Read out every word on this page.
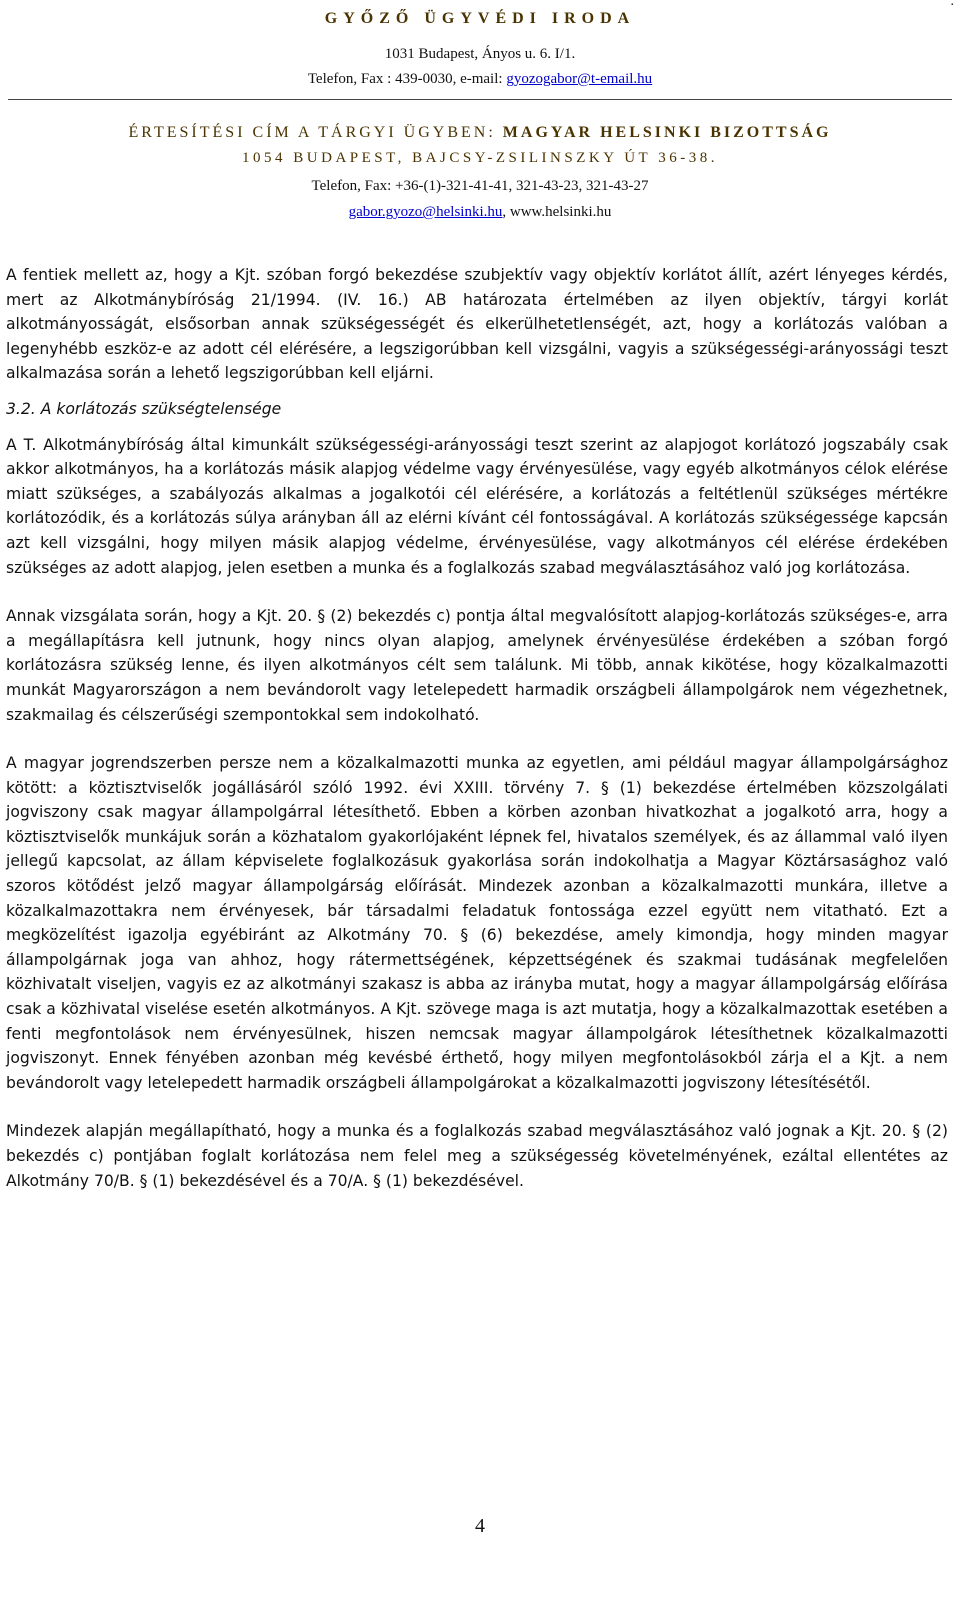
.
GYŐZŐ ÜGYVÉDI IRODA
1031 Budapest, Ányos u. 6. I/1.
Telefon, Fax : 439-0030, e-mail: gyozogabor@t-email.hu
ÉRTESÍTÉSI CÍM A TÁRGYI ÜGYBEN: MAGYAR HELSINKI BIZOTTSÁG
1054 BUDAPEST, BAJCSY-ZSILINSZKY ÚT 36-38.
Telefon, Fax: +36-(1)-321-41-41, 321-43-23, 321-43-27
gabor.gyozo@helsinki.hu, www.helsinki.hu

A fentiek mellett az, hogy a Kjt. szóban forgó bekezdése szubjektív vagy objektív korlátot állít, azért lényeges kérdés, mert az Alkotmánybíróság 21/1994. (IV. 16.) AB határozata értelmében az ilyen objektív, tárgyi korlát alkotmányosságát, elsősorban annak szükségességét és elkerülhetetlenségét, azt, hogy a korlátozás valóban a legenyhébb eszköz-e az adott cél elérésére, a legszigorúbban kell vizsgálni, vagyis a szükségességi-arányossági teszt alkalmazása során a lehető legszigorúbban kell eljárni.

3.2. A korlátozás szükségtelensége

A T. Alkotmánybíróság által kimunkált szükségességi-arányossági teszt szerint az alapjogot korlátozó jogszabály csak akkor alkotmányos, ha a korlátozás másik alapjog védelme vagy érvényesülése, vagy egyéb alkotmányos célok elérése miatt szükséges, a szabályozás alkalmas a jogalkotói cél elérésére, a korlátozás a feltétlenül szükséges mértékre korlátozódik, és a korlátozás súlya arányban áll az elérni kívánt cél fontosságával. A korlátozás szükségessége kapcsán azt kell vizsgálni, hogy milyen másik alapjog védelme, érvényesülése, vagy alkotmányos cél elérése érdekében szükséges az adott alapjog, jelen esetben a munka és a foglalkozás szabad megválasztásához való jog korlátozása.

Annak vizsgálata során, hogy a Kjt. 20. § (2) bekezdés c) pontja által megvalósított alapjog-korlátozás szükséges-e, arra a megállapításra kell jutnunk, hogy nincs olyan alapjog, amelynek érvényesülése érdekében a szóban forgó korlátozásra szükség lenne, és ilyen alkotmányos célt sem találunk. Mi több, annak kikötése, hogy közalkalmazotti munkát Magyarországon a nem bevándorolt vagy letelepedett harmadik országbeli állampolgárok nem végezhetnek, szakmailag és célszerűségi szempontokkal sem indokolható.

A magyar jogrendszerben persze nem a közalkalmazotti munka az egyetlen, ami például magyar állampolgársághoz kötött: a köztisztviselők jogállásáról szóló 1992. évi XXIII. törvény 7. § (1) bekezdése értelmében közszolgálati jogviszony csak magyar állampolgárral létesíthető. Ebben a körben azonban hivatkozhat a jogalkotó arra, hogy a köztisztviselők munkájuk során a közhatalom gyakorlójaként lépnek fel, hivatalos személyek, és az állammal való ilyen jellegű kapcsolat, az állam képviselete foglalkozásuk gyakorlása során indokolhatja a Magyar Köztársasághoz való szoros kötődést jelző magyar állampolgárság előírását. Mindezek azonban a közalkalmazotti munkára, illetve a közalkalmazottakra nem érvényesek, bár társadalmi feladatuk fontossága ezzel együtt nem vitatható. Ezt a megközelítést igazolja egyébiránt az Alkotmány 70. § (6) bekezdése, amely kimondja, hogy minden magyar állampolgárnak joga van ahhoz, hogy rátermettségének, képzettségének és szakmai tudásának megfelelően közhivatalt viseljen, vagyis ez az alkotmányi szakasz is abba az irányba mutat, hogy a magyar állampolgárság előírása csak a közhivatal viselése esetén alkotmányos. A Kjt. szövege maga is azt mutatja, hogy a közalkalmazottak esetében a fenti megfontolások nem érvényesülnek, hiszen nemcsak magyar állampolgárok létesíthetnek közalkalmazotti jogviszonyt. Ennek fényében azonban még kevésbé érthető, hogy milyen megfontolásokból zárja el a Kjt. a nem bevándorolt vagy letelepedett harmadik országbeli állampolgárokat a közalkalmazotti jogviszony létesítésétől.

Mindezek alapján megállapítható, hogy a munka és a foglalkozás szabad megválasztásához való jognak a Kjt. 20. § (2) bekezdés c) pontjában foglalt korlátozása nem felel meg a szükségesség követelményének, ezáltal ellentétes az Alkotmány 70/B. § (1) bekezdésével és a 70/A. § (1) bekezdésével.

4
